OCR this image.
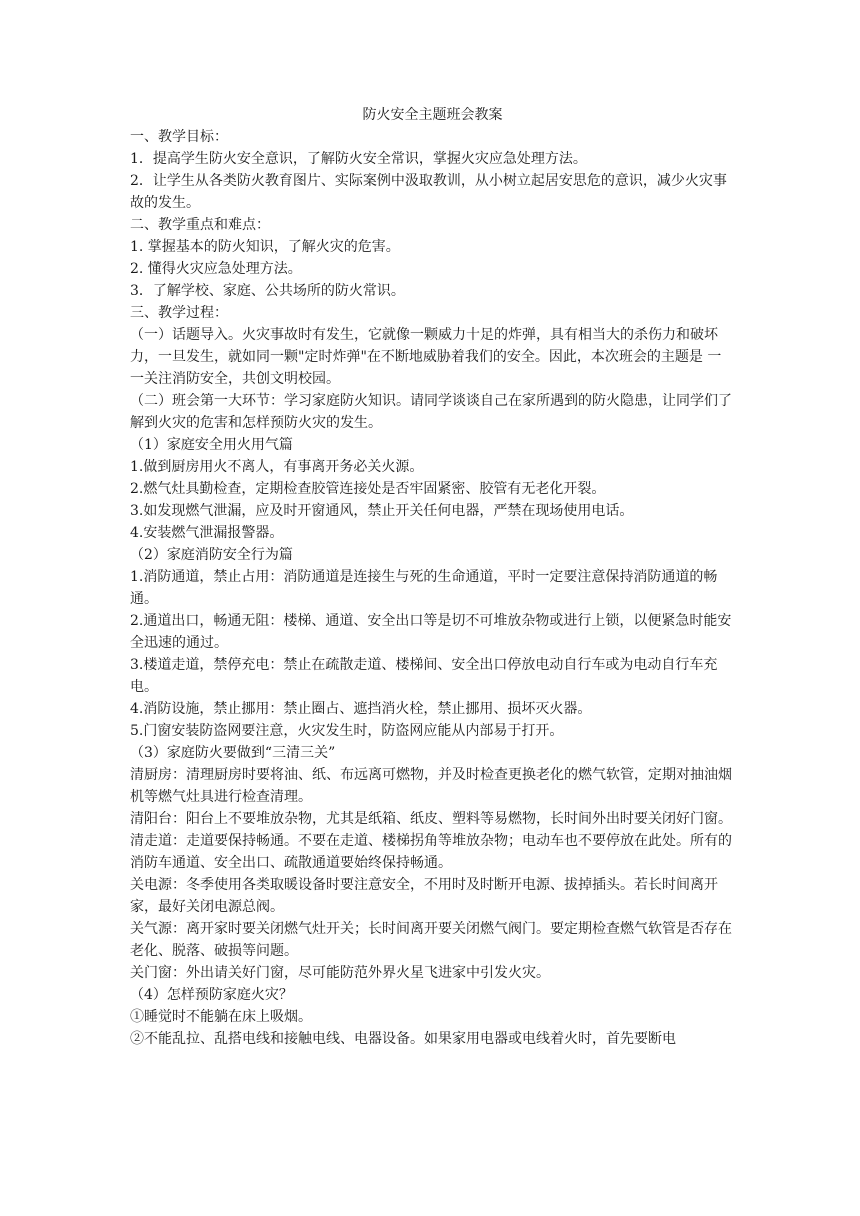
防火安全主题班会教案

一、教学目标：

1．提高学生防火安全意识，了解防火安全常识，掌握火灾应急处理方法。

2．让学生从各类防火教育图片、实际案例中汲取教训，从小树立起居安思危的意识，减少火灾事故的发生。

二、教学重点和难点：

1. 掌握基本的防火知识，了解火灾的危害。

2. 懂得火灾应急处理方法。

3．了解学校、家庭、公共场所的防火常识。

三、教学过程：

（一）话题导入。火灾事故时有发生，它就像一颗威力十足的炸弹，具有相当大的杀伤力和破坏力，一旦发生，就如同一颗"定时炸弹"在不断地威胁着我们的安全。因此，本次班会的主题是 一一关注消防安全，共创文明校园。

（二）班会第一大环节：学习家庭防火知识。请同学谈谈自己在家所遇到的防火隐患，让同学们了解到火灾的危害和怎样预防火灾的发生。

（1）家庭安全用火用气篇

1.做到厨房用火不离人，有事离开务必关火源。

2.燃气灶具勤检查，定期检查胶管连接处是否牢固紧密、胶管有无老化开裂。

3.如发现燃气泄漏，应及时开窗通风，禁止开关任何电器，严禁在现场使用电话。

4.安装燃气泄漏报警器。

（2）家庭消防安全行为篇

1.消防通道，禁止占用：消防通道是连接生与死的生命通道，平时一定要注意保持消防通道的畅通。

2.通道出口，畅通无阻：楼梯、通道、安全出口等是切不可堆放杂物或进行上锁，以便紧急时能安全迅速的通过。

3.楼道走道，禁停充电：禁止在疏散走道、楼梯间、安全出口停放电动自行车或为电动自行车充电。

4.消防设施，禁止挪用：禁止圈占、遮挡消火栓，禁止挪用、损坏灭火器。

5.门窗安装防盗网要注意，火灾发生时，防盗网应能从内部易于打开。

（3）家庭防火要做到“三清三关”

清厨房：清理厨房时要将油、纸、布远离可燃物，并及时检查更换老化的燃气软管，定期对抽油烟机等燃气灶具进行检查清理。

清阳台：阳台上不要堆放杂物，尤其是纸箱、纸皮、塑料等易燃物，长时间外出时要关闭好门窗。

清走道：走道要保持畅通。不要在走道、楼梯拐角等堆放杂物；电动车也不要停放在此处。所有的消防车通道、安全出口、疏散通道要始终保持畅通。

关电源：冬季使用各类取暖设备时要注意安全，不用时及时断开电源、拔掉插头。若长时间离开家，最好关闭电源总阀。

关气源：离开家时要关闭燃气灶开关；长时间离开要关闭燃气阀门。要定期检查燃气软管是否存在老化、脱落、破损等问题。

关门窗：外出请关好门窗，尽可能防范外界火星飞进家中引发火灾。

（4）怎样预防家庭火灾？

①睡觉时不能躺在床上吸烟。

②不能乱拉、乱搭电线和接触电线、电器设备。如果家用电器或电线着火时，首先要断电
